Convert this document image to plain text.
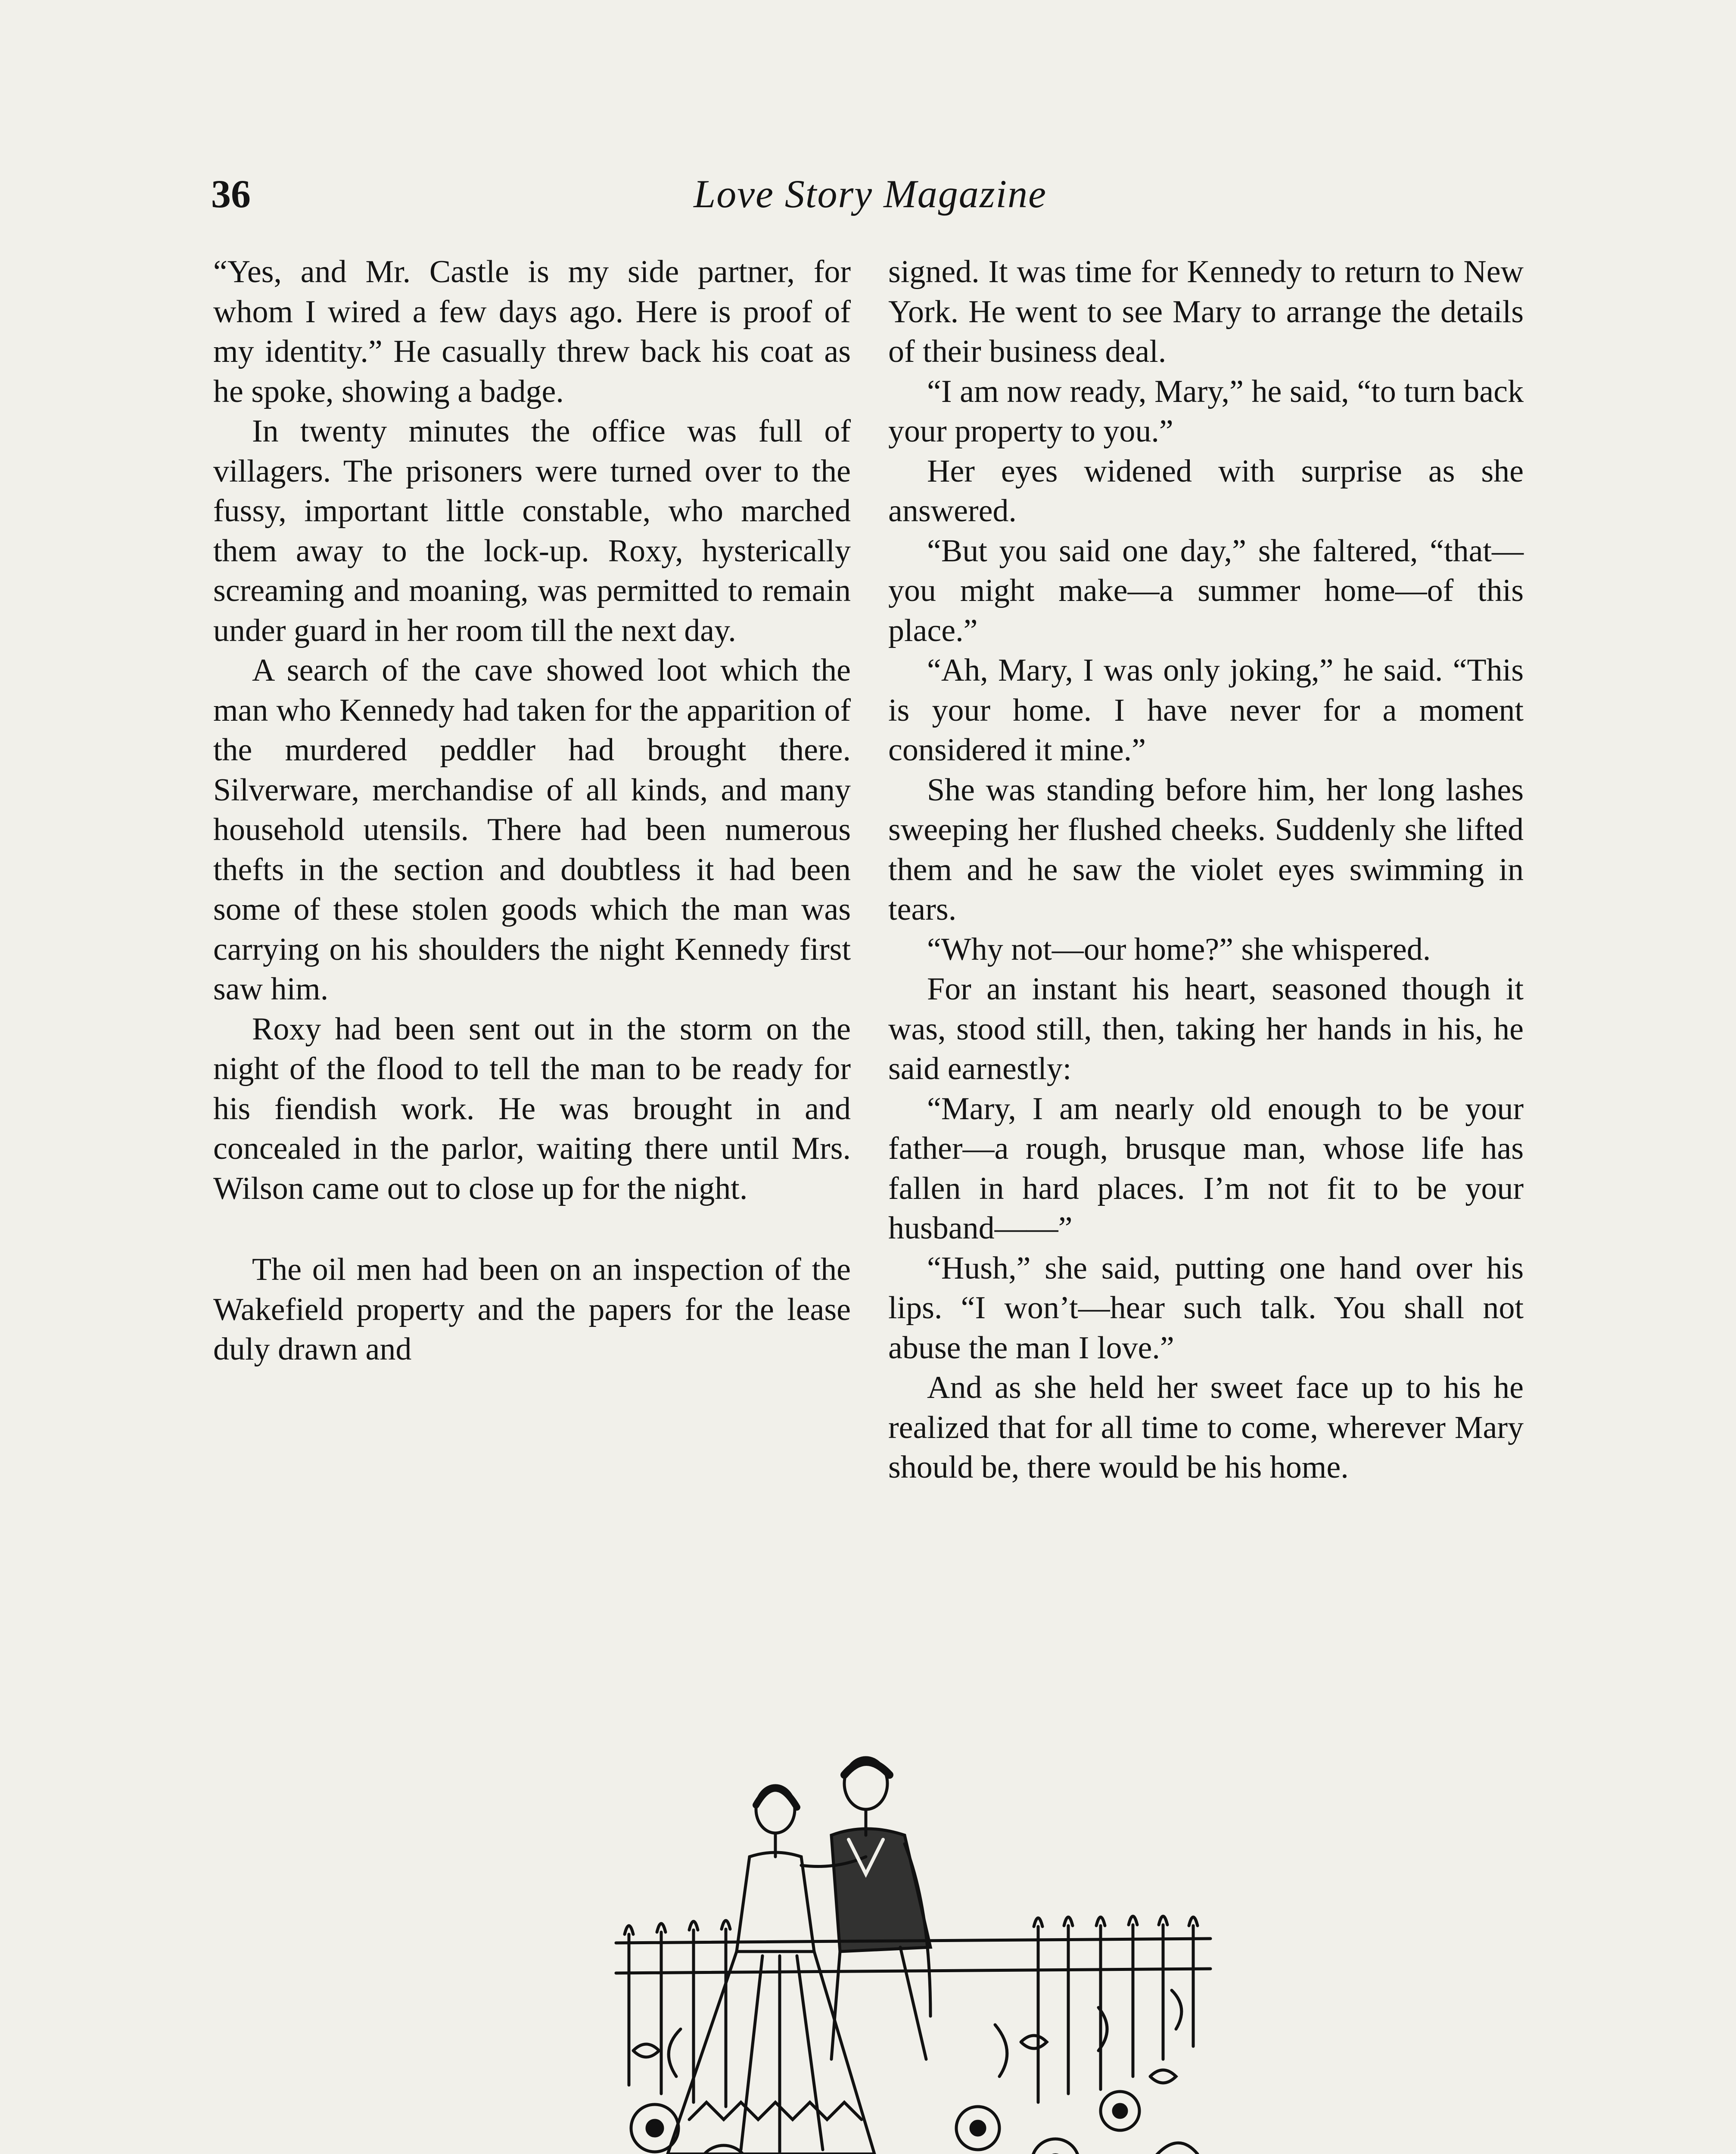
36	Love Story Magazine

“Yes, and Mr. Castle is my side partner, for whom I wired a few days ago. Here is proof of my identity.” He casually threw back his coat as he spoke, showing a badge.

In twenty minutes the office was full of villagers. The prisoners were turned over to the fussy, important little constable, who marched them away to the lock-up. Roxy, hysterically screaming and moaning, was permitted to remain under guard in her room till the next day.

A search of the cave showed loot which the man who Kennedy had taken for the apparition of the murdered peddler had brought there. Silverware, merchandise of all kinds, and many household utensils. There had been numerous thefts in the section and doubtless it had been some of these stolen goods which the man was carrying on his shoulders the night Kennedy first saw him.

Roxy had been sent out in the storm on the night of the flood to tell the man to be ready for his fiendish work. He was brought in and concealed in the parlor, waiting there until Mrs. Wilson came out to close up for the night.

The oil men had been on an inspection of the Wakefield property and the papers for the lease duly drawn and

signed. It was time for Kennedy to return to New York. He went to see Mary to arrange the details of their business deal.

“I am now ready, Mary,” he said, “to turn back your property to you.”

Her eyes widened with surprise as she answered.

“But you said one day,” she faltered, “that—you might make—a summer home—of this place.”

“Ah, Mary, I was only joking,” he said. “This is your home. I have never for a moment considered it mine.”

She was standing before him, her long lashes sweeping her flushed cheeks. Suddenly she lifted them and he saw the violet eyes swimming in tears.

“Why not—our home?” she whispered.

For an instant his heart, seasoned though it was, stood still, then, taking her hands in his, he said earnestly:

“Mary, I am nearly old enough to be your father—a rough, brusque man, whose life has fallen in hard places. I’m not fit to be your husband——”

“Hush,” she said, putting one hand over his lips. “I won’t—hear such talk. You shall not abuse the man I love.”

And as she held her sweet face up to his he realized that for all time to come, wherever Mary should be, there would be his home.
